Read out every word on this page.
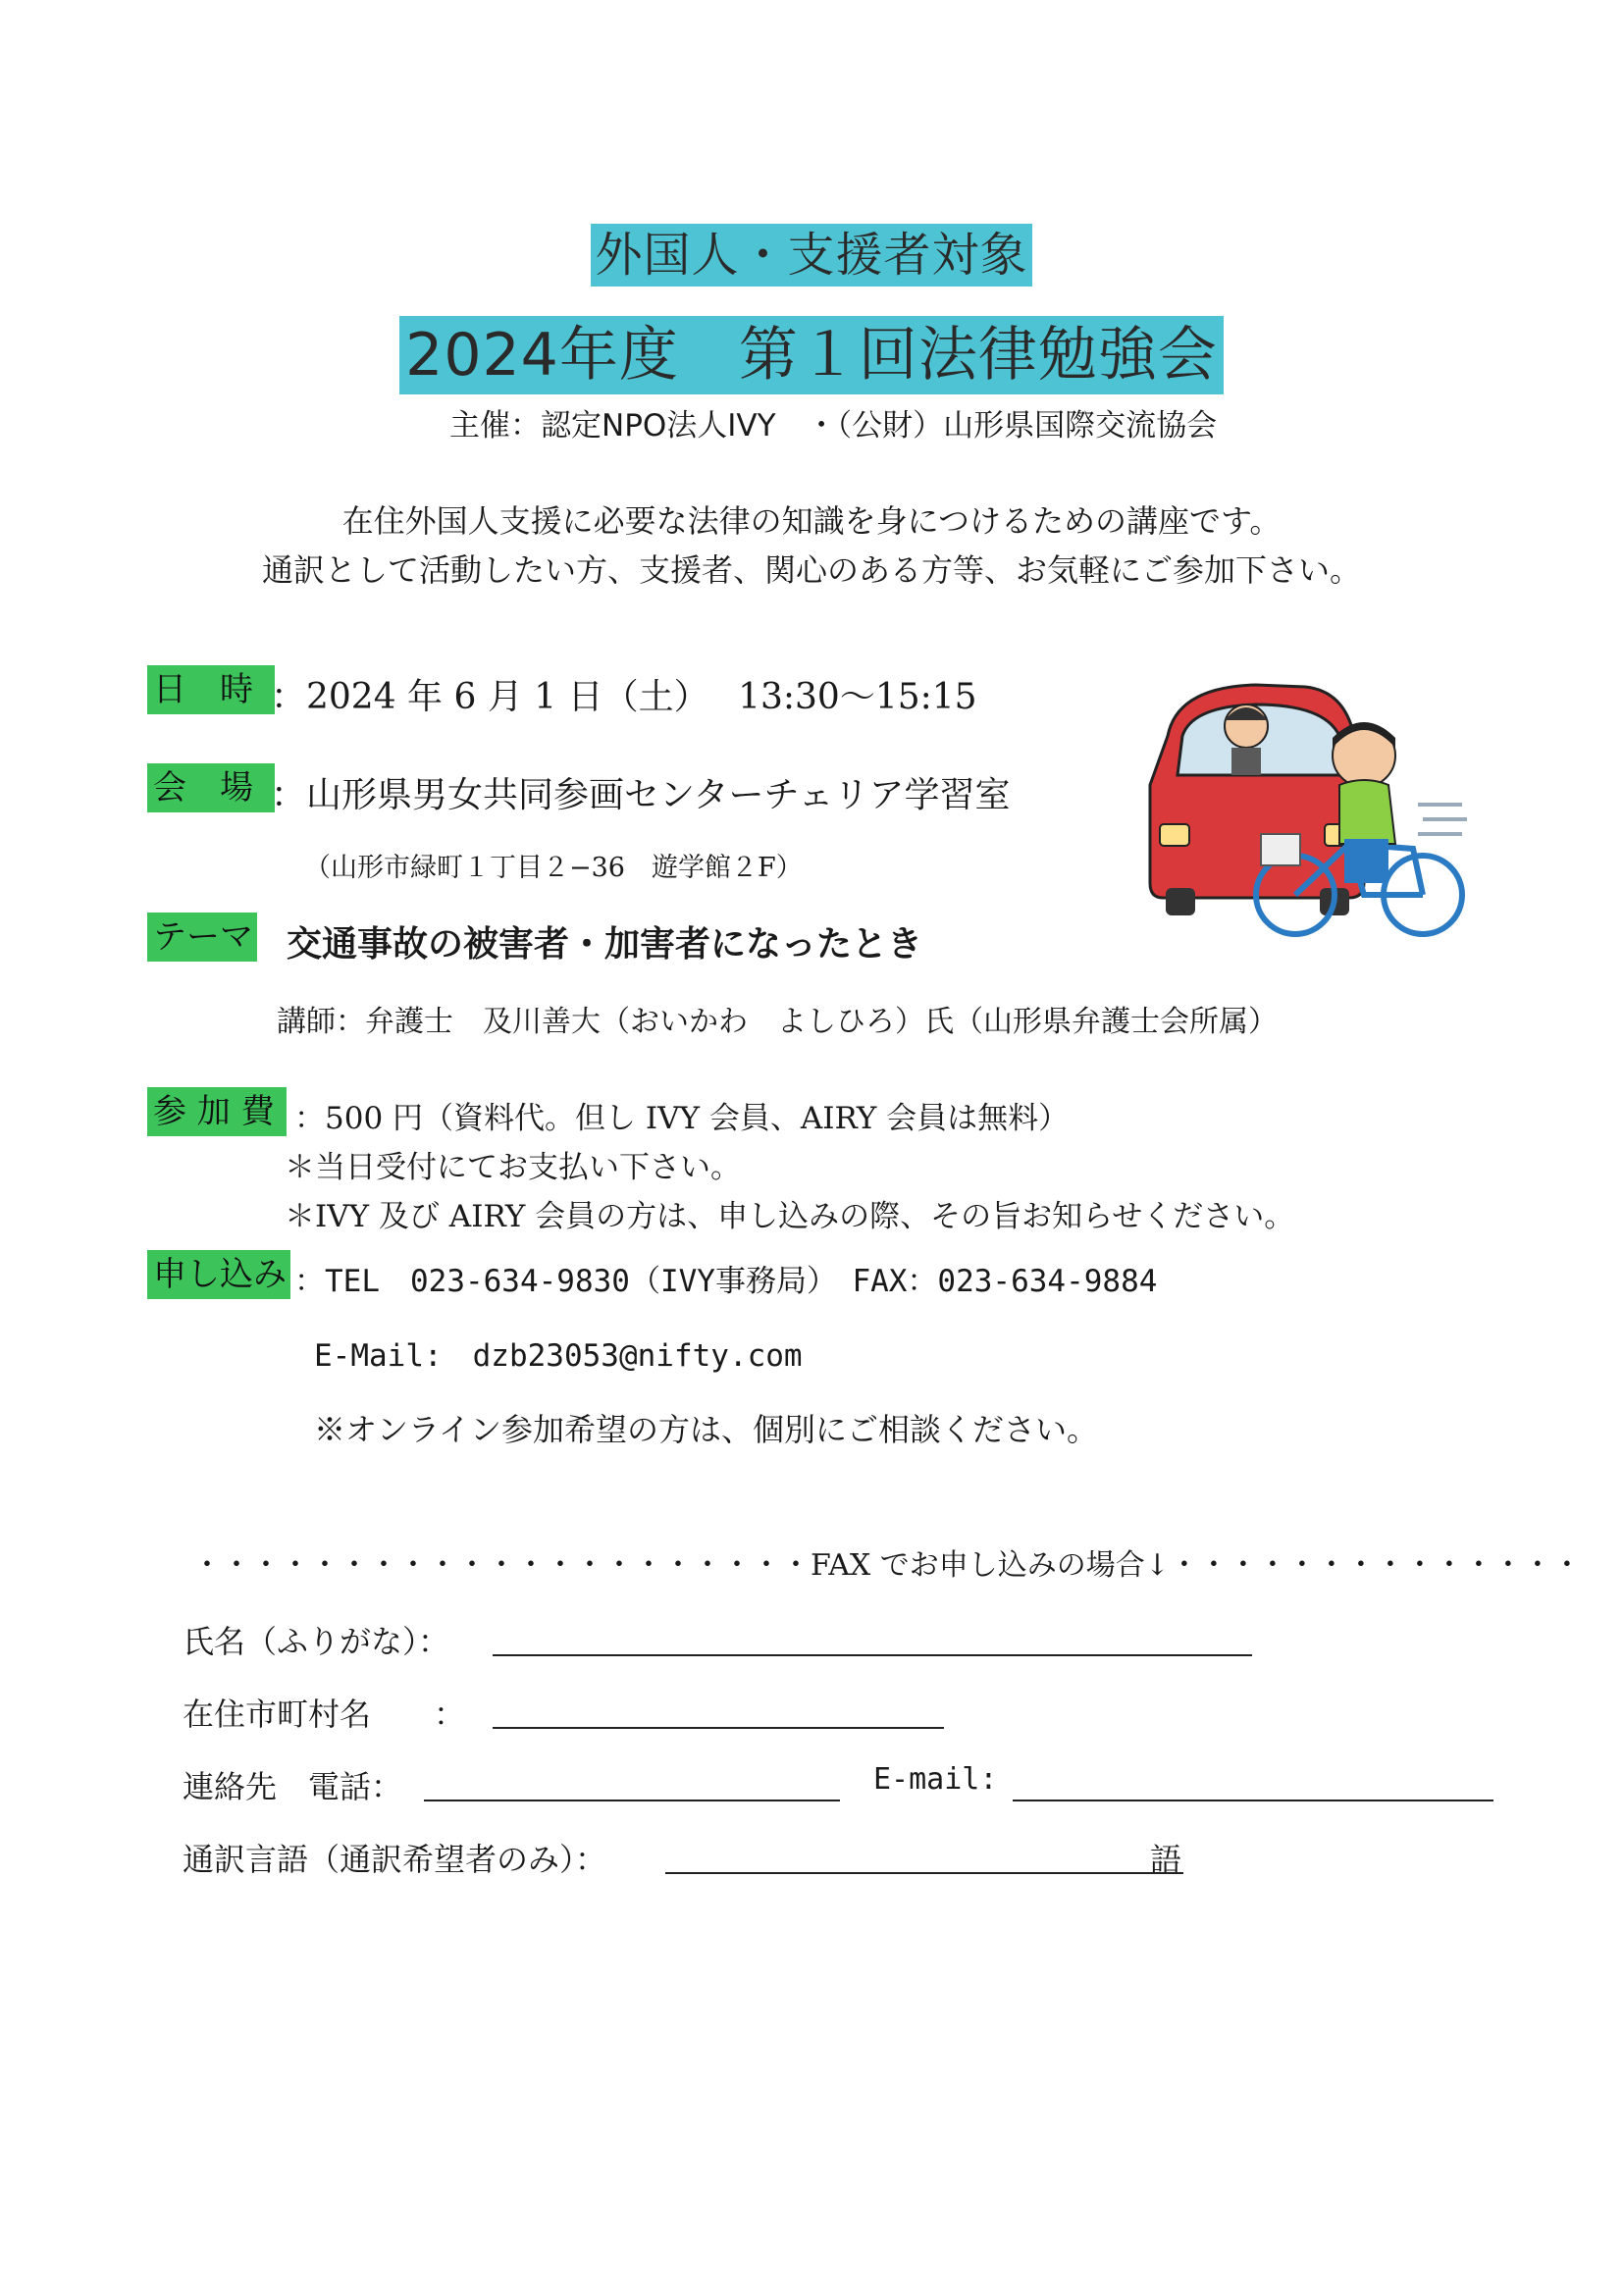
外国人・支援者対象
2024年度　第１回法律勉強会
主催：認定NPO法人IVY　・（公財）山形県国際交流協会
在住外国人支援に必要な法律の知識を身につけるための講座です。
通訳として活動したい方、支援者、関心のある方等、お気軽にご参加下さい。
日　時 ：2024 年 6 月 1 日（土）　 13:30～15:15
会　場 ：山形県男女共同参画センターチェリア学習室
（山形市緑町１丁目２−36　遊学館２F）
テーマ 交通事故の被害者・加害者になったとき
講師：弁護士　及川善大（おいかわ　よしひろ）氏（山形県弁護士会所属）
参 加 費 ：500 円（資料代。但し IVY 会員、AIRY 会員は無料）
＊当日受付にてお支払い下さい。
＊IVY 及び AIRY 会員の方は、申し込みの際、その旨お知らせください。
申し込み ：TEL　023-634-9830（IVY事務局）　FAX：023-634-9884
E-Mail:　dzb23053@nifty.com
※オンライン参加希望の方は、個別にご相談ください。
・・・・・・・・・・・・・・・・・・・・・FAX でお申し込みの場合↓・・・・・・・・・・・・・・
氏名（ふりがな）：
在住市町村名　　：
連絡先　電話：	E-mail:
通訳言語（通訳希望者のみ）：	語
